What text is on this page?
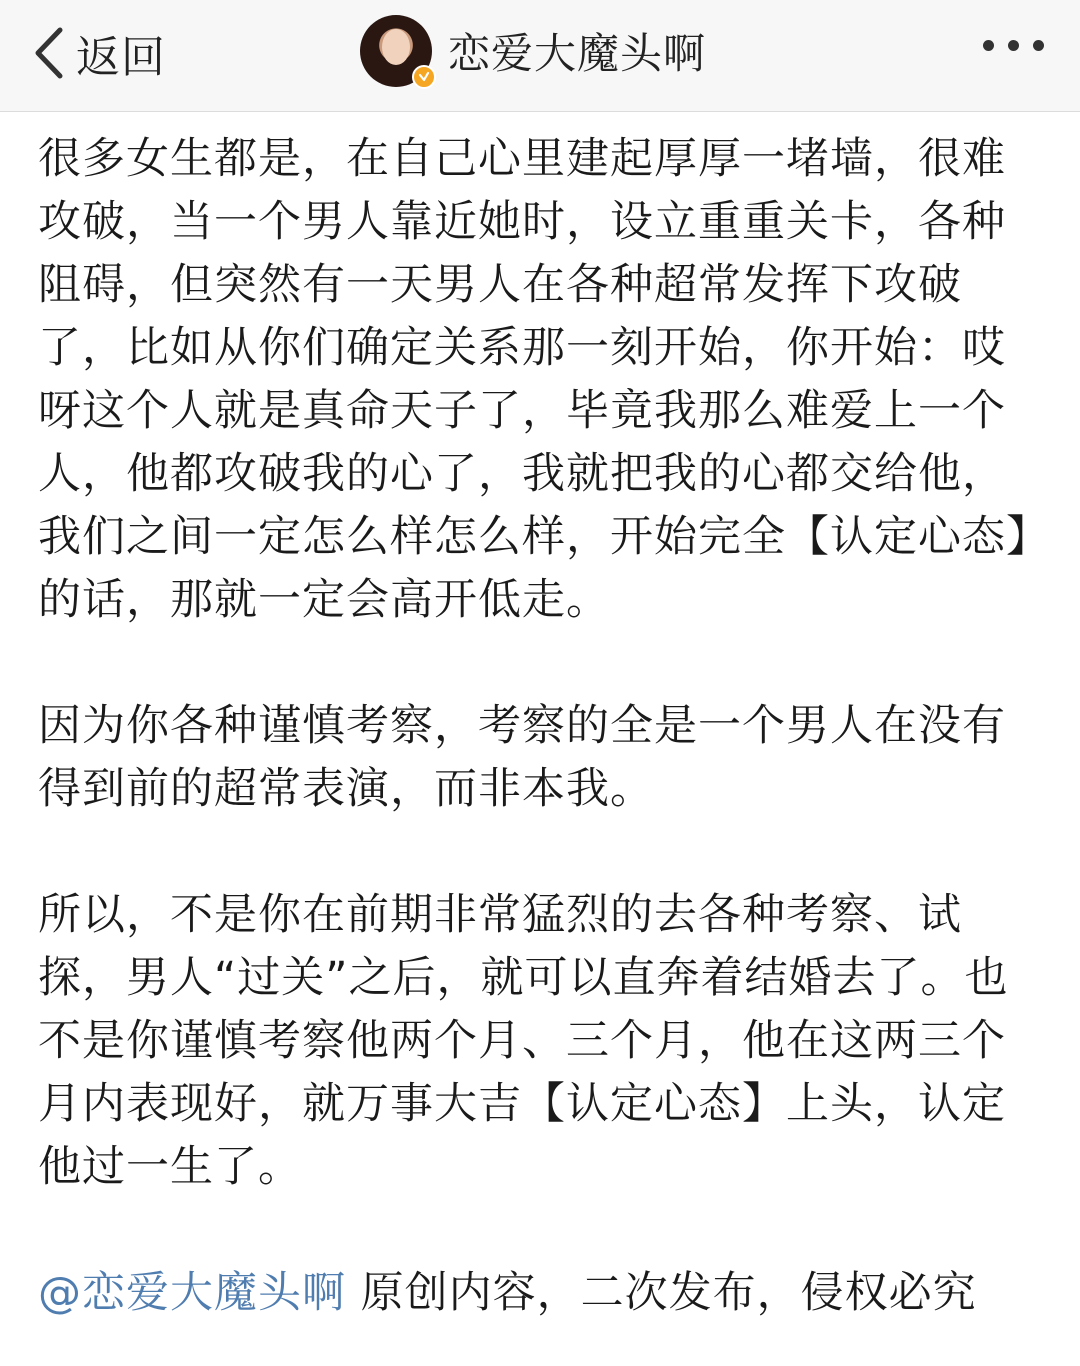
返回	恋爱大魔头啊

很多女生都是，在自己心里建起厚厚一堵墙，很难攻破，当一个男人靠近她时，设立重重关卡，各种阻碍，但突然有一天男人在各种超常发挥下攻破了，比如从你们确定关系那一刻开始，你开始：哎呀这个人就是真命天子了，毕竟我那么难爱上一个人，他都攻破我的心了，我就把我的心都交给他，我们之间一定怎么样怎么样，开始完全【认定心态】的话，那就一定会高开低走。

因为你各种谨慎考察，考察的全是一个男人在没有得到前的超常表演，而非本我。

所以，不是你在前期非常猛烈的去各种考察、试探，男人“过关”之后，就可以直奔着结婚去了。也不是你谨慎考察他两个月、三个月，他在这两三个月内表现好，就万事大吉【认定心态】上头，认定他过一生了。

@恋爱大魔头啊 原创内容，二次发布，侵权必究
